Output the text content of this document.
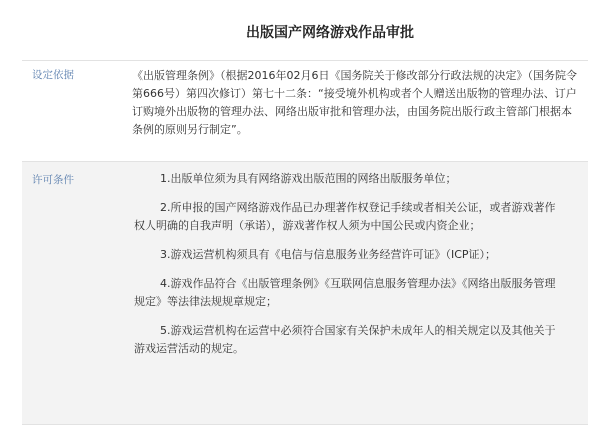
出版国产网络游戏作品审批
设定依据	《出版管理条例》（根据2016年02月6日《国务院关于修改部分行政法规的决定》（国务院令第666号）第四次修订）第七十二条：“接受境外机构或者个人赠送出版物的管理办法、订户订购境外出版物的管理办法、网络出版审批和管理办法，由国务院出版行政主管部门根据本条例的原则另行制定”。
许可条件	1.出版单位须为具有网络游戏出版范围的网络出版服务单位；
2.所申报的国产网络游戏作品已办理著作权登记手续或者相关公证，或者游戏著作权人明确的自我声明（承诺），游戏著作权人须为中国公民或内资企业；
3.游戏运营机构须具有《电信与信息服务业务经营许可证》（ICP证）；
4.游戏作品符合《出版管理条例》《互联网信息服务管理办法》《网络出版服务管理规定》等法律法规规章规定；
5.游戏运营机构在运营中必须符合国家有关保护未成年人的相关规定以及其他关于游戏运营活动的规定。
